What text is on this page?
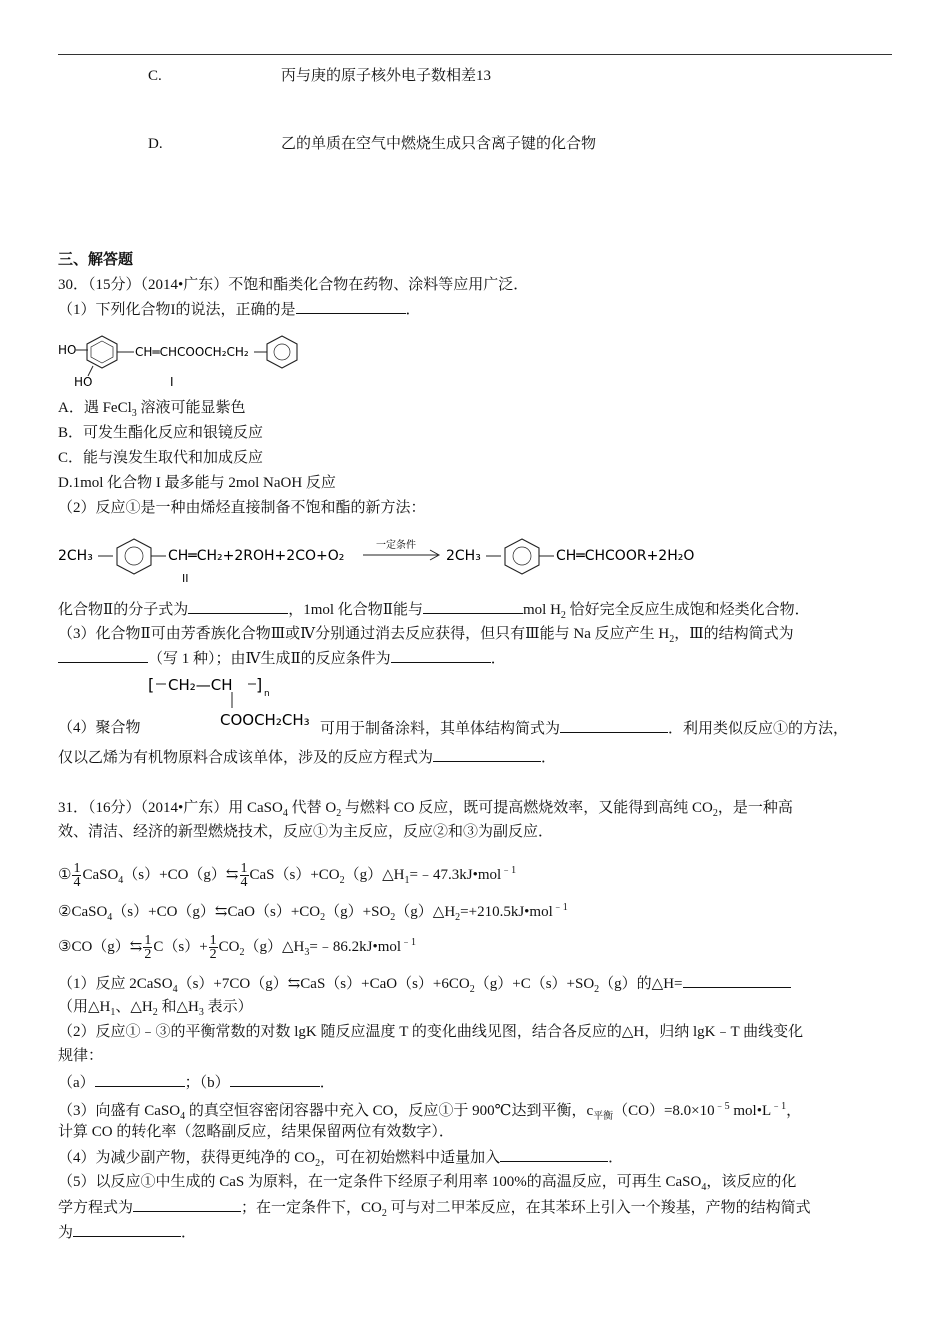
C.	丙与庚的原子核外电子数相差13
D.	乙的单质在空气中燃烧生成只含离子键的化合物
三、解答题
30．（15分）（2014•广东）不饱和酯类化合物在药物、涂料等应用广泛．
（1）下列化合物I的说法，正确的是	．
HO
HO
CH═CHCOOCH₂CH₂
I
A．遇 FeCl$_3$ 溶液可能显紫色
B．可发生酯化反应和银镜反应
C．能与溴发生取代和加成反应
D.1mol 化合物 I 最多能与 2mol NaOH 反应
（2）反应①是一种由烯烃直接制备不饱和酯的新方法：
2CH₃	CH═CH₂+2ROH+2CO+O₂
一定条件
2CH₃	CH═CHCOOR+2H₂O
II
化合物Ⅱ的分子式为	，1mol 化合物Ⅱ能与	mol $H_2$ 恰好完全反应生成饱和烃类化合物．
（3）化合物Ⅱ可由芳香族化合物Ⅲ或Ⅳ分别通过消去反应获得，但只有Ⅲ能与 Na 反应产生 $H_2$，Ⅲ的结构简式为
（写 1 种）；由Ⅳ生成Ⅱ的反应条件为	．
[ CH₂—CH ] n
COOCH₂CH₃
（4）聚合物	可用于制备涂料，其单体结构简式为	．利用类似反应①的方法，
仅以乙烯为有机物原料合成该单体，涉及的反应方程式为	．
31．（16分）（2014•广东）用 CaSO$_4$ 代替 $O_2$ 与燃料 CO 反应，既可提高燃烧效率，又能得到高纯 $CO_2$，是一种高
效、清洁、经济的新型燃烧技术，反应①为主反应，反应②和③为副反应．
① $\frac{1}{4}$ CaSO$_4$（s）+CO（g）⇆ $\frac{1}{4}$ $CaS(s)+CO_2(g)\triangle H_1=﹣47.3kJ•mol^{﹣1}$
$②CaSO_4(s)+CO(g)⇆CaO(s)+CO_2(g)+SO_2(g)\triangle H_2=+210.5kJ•mol^{﹣1}$
③CO（g）⇆ $\frac{1}{2} C(s)+ \frac{1}{2}$ $CO_2(g)\triangle H_3=﹣86.2kJ•mol^{﹣1}$
（1）反应 $2CaSO_4(s)+7CO(g)⇆CaS(s)+CaO(s)+6CO_2(g)+C(s)+SO_2(g)$的△H=
（用$\triangle H_1$、$\triangle H_2$ 和$\triangle H_3$ 表示）
（2）反应①﹣③的平衡常数的对数 lgK 随反应温度 T 的变化曲线见图，结合各反应的△H，归纳 lgK﹣T 曲线变化
规律：
（a）	；（b）	．
（3）向盛有 CaSO$_4$ 的真空恒容密闭容器中充入 CO，反应①于 900℃达到平衡，$c_{平衡}(CO)=8.0\times 10^{﹣5}$ $mol•L^{﹣1}$，
计算 CO 的转化率（忽略副反应，结果保留两位有效数字）．
（4）为减少副产物，获得更纯净的 $CO_2$，可在初始燃料中适量加入	．
（5）以反应①中生成的 CaS 为原料，在一定条件下经原子利用率 100%的高温反应，可再生 CaSO$_4$，该反应的化
学方程式为	；在一定条件下，$CO_2$ 可与对二甲苯反应，在其苯环上引入一个羧基，产物的结构简式
为	．
